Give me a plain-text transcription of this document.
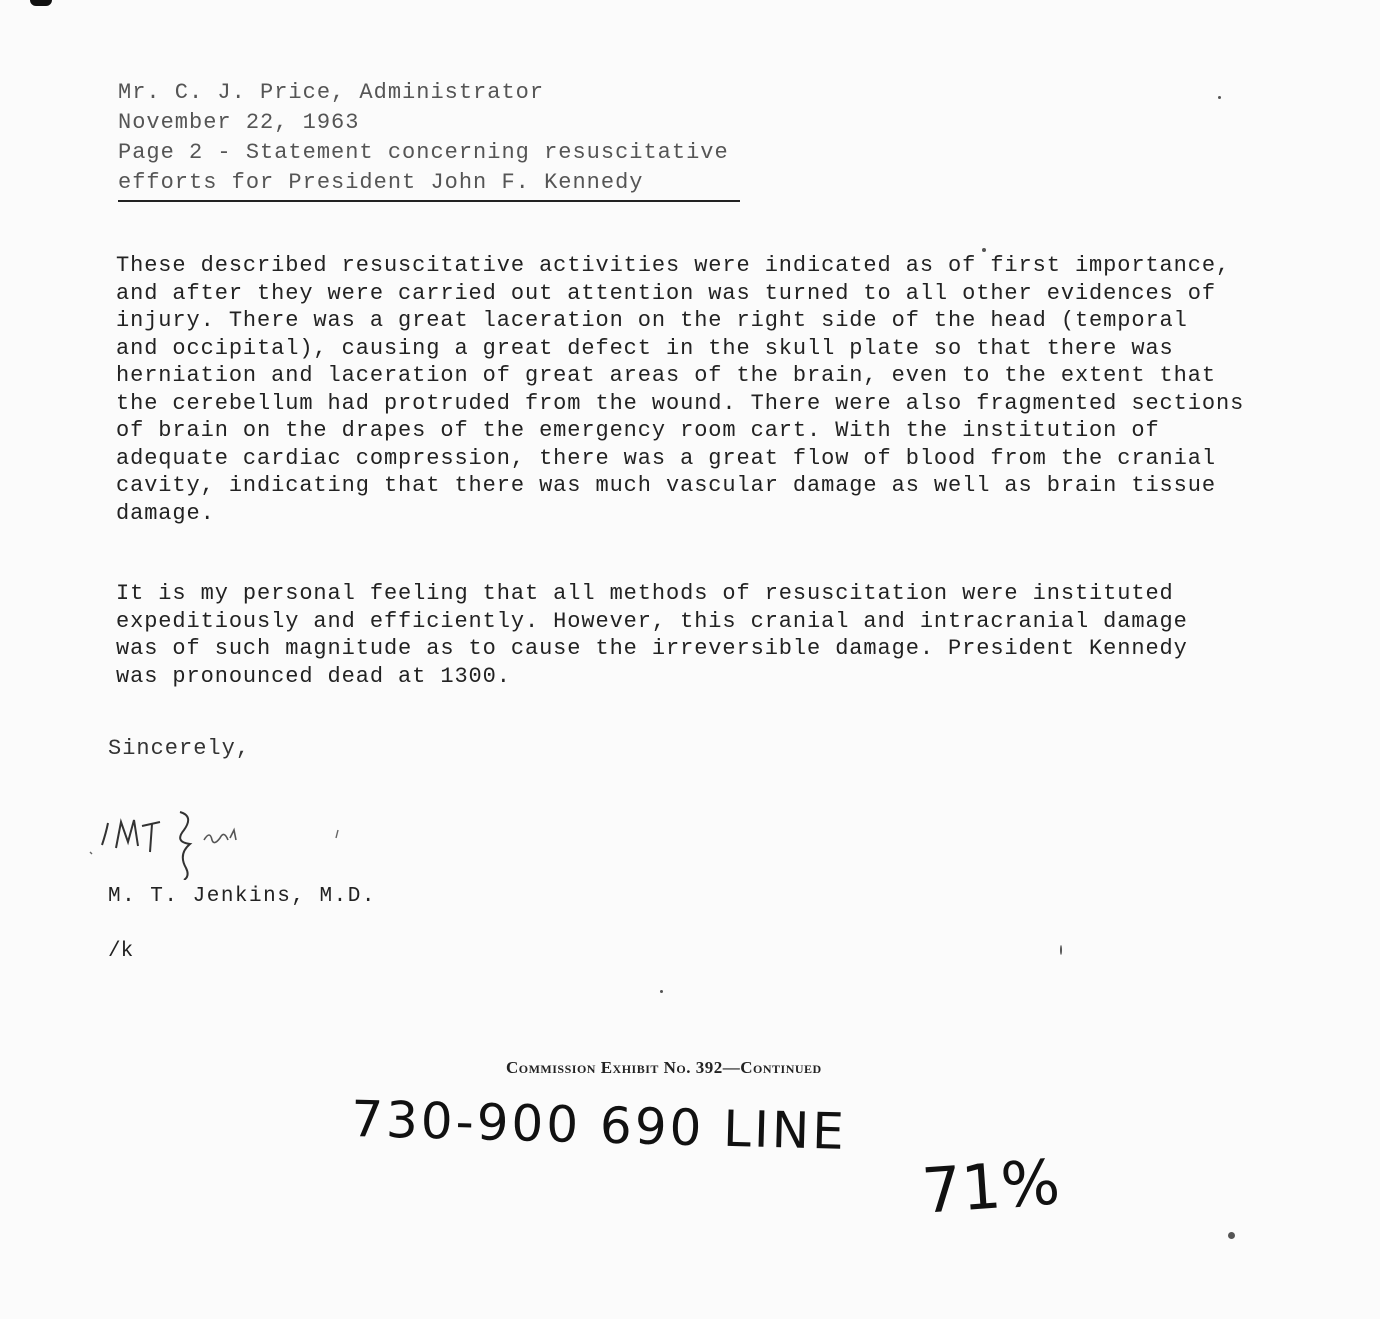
Mr. C. J. Price, Administrator
November 22, 1963
Page 2 - Statement concerning resuscitative
efforts for President John F. Kennedy
These described resuscitative activities were indicated as of first importance,
and after they were carried out attention was turned to all other evidences of
injury. There was a great laceration on the right side of the head (temporal
and occipital), causing a great defect in the skull plate so that there was
herniation and laceration of great areas of the brain, even to the extent that
the cerebellum had protruded from the wound. There were also fragmented sections
of brain on the drapes of the emergency room cart. With the institution of
adequate cardiac compression, there was a great flow of blood from the cranial
cavity, indicating that there was much vascular damage as well as brain tissue
damage.
It is my personal feeling that all methods of resuscitation were instituted
expeditiously and efficiently. However, this cranial and intracranial damage
was of such magnitude as to cause the irreversible damage. President Kennedy
was pronounced dead at 1300.
Sincerely,
M. T. Jenkins, M.D.
/k
Commission Exhibit No. 392—Continued
730-900 690 LINE
71%
